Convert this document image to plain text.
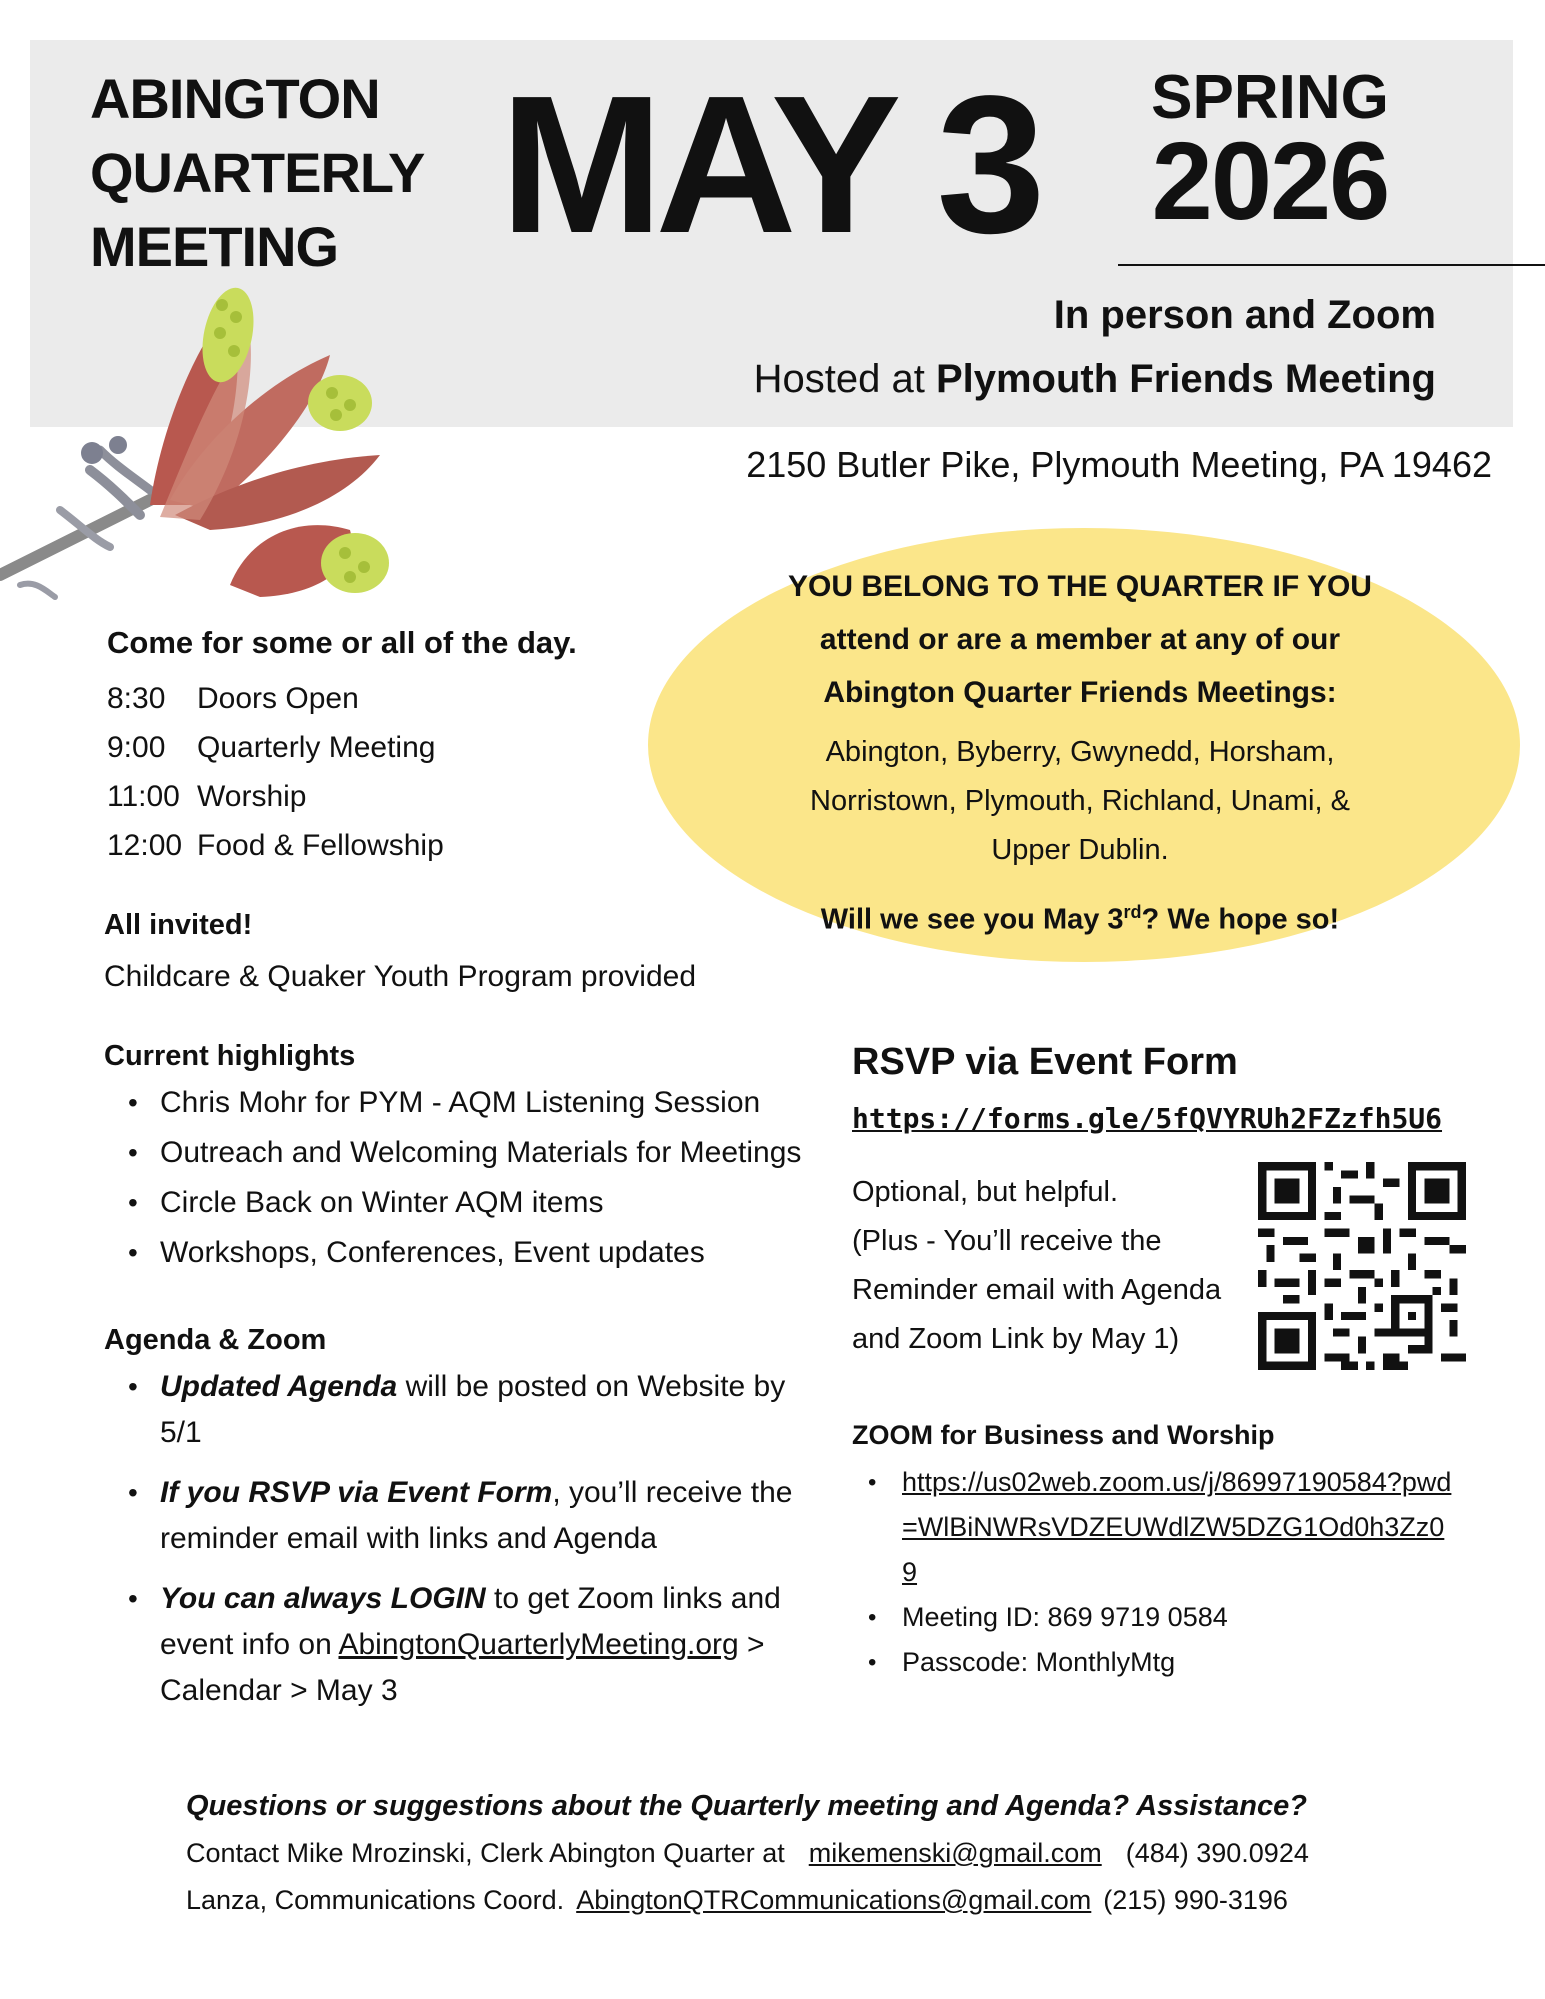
ABINGTON
QUARTERLY
MEETING MAY 3	SPRING
2026
In person and Zoom
Hosted at Plymouth Friends Meeting
2150 Butler Pike, Plymouth Meeting, PA 19462
YOU BELONG TO THE QUARTER IF YOU
attend or are a member at any of our
Abington Quarter Friends Meetings:
Abington, Byberry, Gwynedd, Horsham,
Norristown, Plymouth, Richland, Unami, &
Upper Dublin.
Will we see you May 3rd? We hope so!
Come for some or all of the day.
8:30	Doors Open
9:00	Quarterly Meeting
11:00 Worship
12:00 Food & Fellowship
All invited!
Childcare & Quaker Youth Program provided
Current highlights
• Chris Mohr for PYM - AQM Listening Session
• Outreach and Welcoming Materials for Meetings
• Circle Back on Winter AQM items
• Workshops, Conferences, Event updates
Agenda & Zoom
• Updated Agenda will be posted on Website by 5/1
• If you RSVP via Event Form, you’ll receive the reminder email with links and Agenda
• You can always LOGIN to get Zoom links and event info on AbingtonQuarterlyMeeting.org > Calendar > May 3
RSVP via Event Form
https://forms.gle/5fQVYRUh2FZzfh5U6
Optional, but helpful.
(Plus - You’ll receive the
Reminder email with Agenda
and Zoom Link by May 1)
ZOOM for Business and Worship
• https://us02web.zoom.us/j/86997190584?pwd=WlBiNWRsVDZEUWdlZW5DZG1Od0h3Zz09
• Meeting ID: 869 9719 0584
• Passcode: MonthlyMtg
Questions or suggestions about the Quarterly meeting and Agenda? Assistance?
Contact Mike Mrozinski, Clerk Abington Quarter at mikemenski@gmail.com (484) 390.0924
Lanza, Communications Coord. AbingtonQTRCommunications@gmail.com (215) 990-3196
